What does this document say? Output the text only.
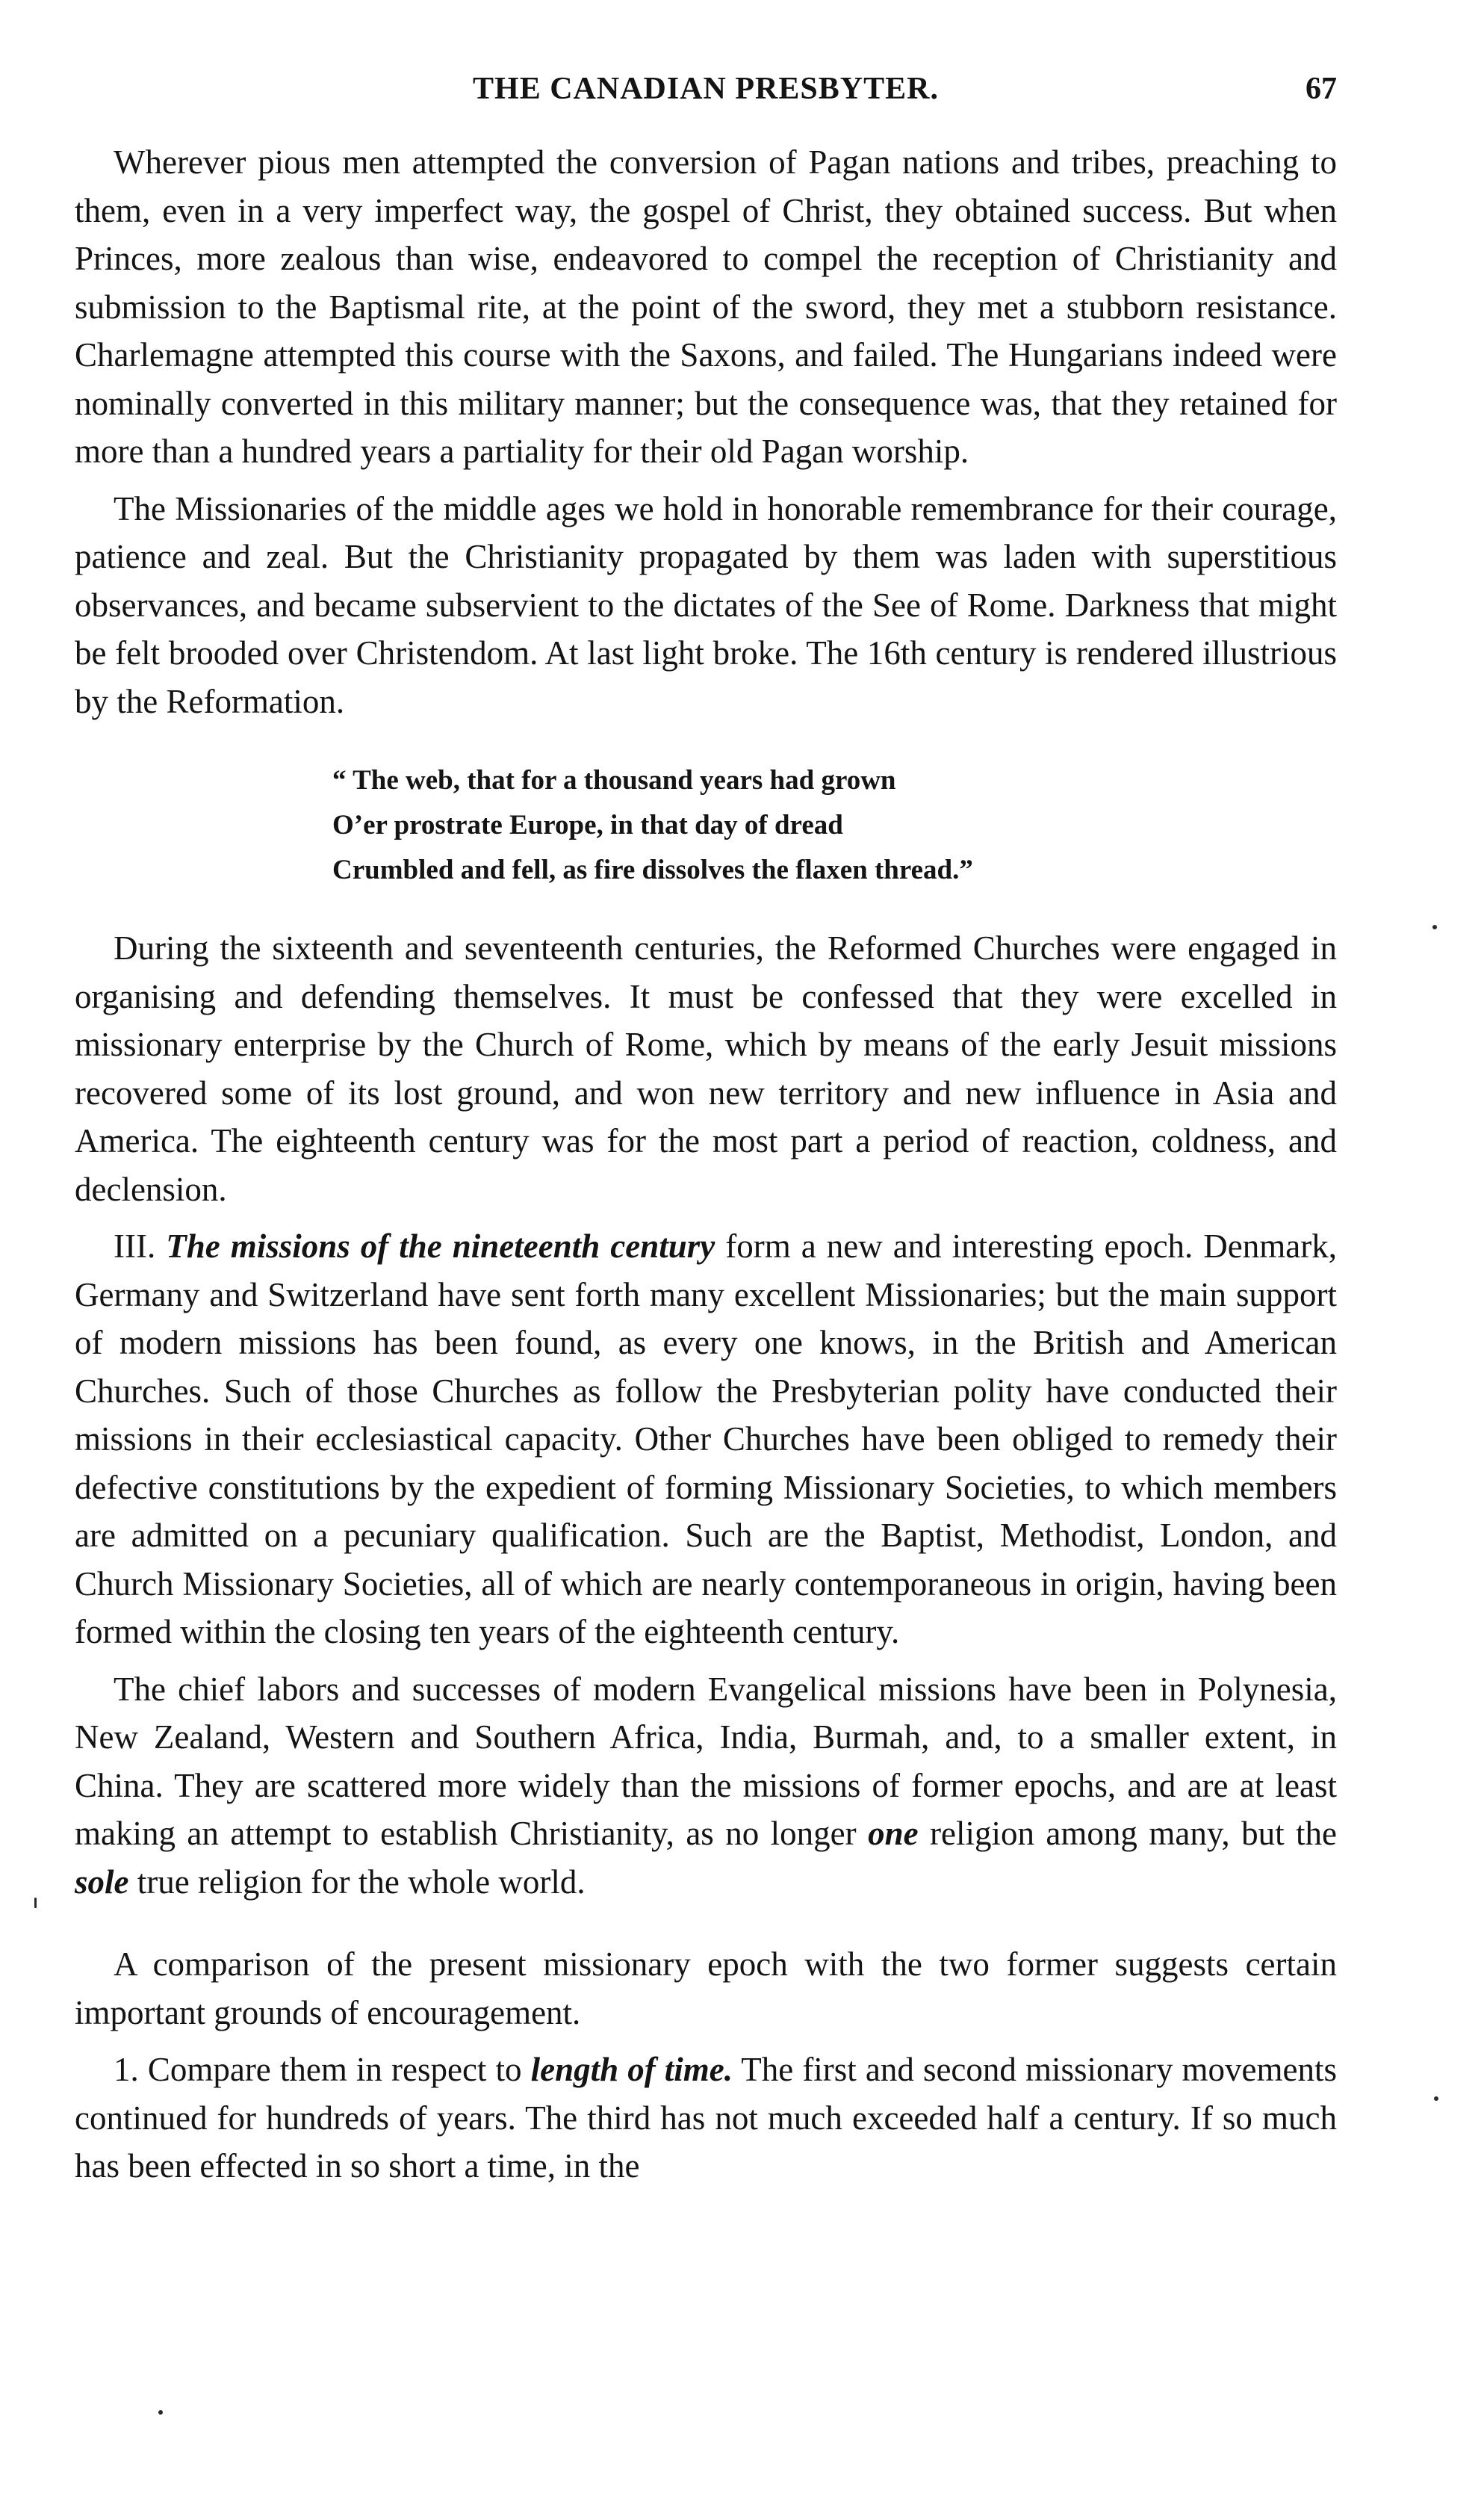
THE CANADIAN PRESBYTER.	67

Wherever pious men attempted the conversion of Pagan nations and tribes, preaching to them, even in a very imperfect way, the gospel of Christ, they obtained success. But when Princes, more zealous than wise, endeavored to compel the reception of Christianity and submission to the Baptismal rite, at the point of the sword, they met a stubborn resistance. Charlemagne attempted this course with the Saxons, and failed. The Hungarians indeed were nominally converted in this military manner; but the consequence was, that they retained for more than a hundred years a partiality for their old Pagan worship.

The Missionaries of the middle ages we hold in honorable remembrance for their courage, patience and zeal. But the Christianity propagated by them was laden with superstitious observances, and became subservient to the dictates of the See of Rome. Darkness that might be felt brooded over Christendom. At last light broke. The 16th century is rendered illustrious by the Reformation.

“ The web, that for a thousand years had grown
O’er prostrate Europe, in that day of dread
Crumbled and fell, as fire dissolves the flaxen thread.”

During the sixteenth and seventeenth centuries, the Reformed Churches were engaged in organising and defending themselves. It must be confessed that they were excelled in missionary enterprise by the Church of Rome, which by means of the early Jesuit missions recovered some of its lost ground, and won new territory and new influence in Asia and America. The eighteenth century was for the most part a period of reaction, coldness, and declension.

III. The missions of the nineteenth century form a new and interesting epoch. Denmark, Germany and Switzerland have sent forth many excellent Missionaries; but the main support of modern missions has been found, as every one knows, in the British and American Churches. Such of those Churches as follow the Presbyterian polity have conducted their missions in their ecclesiastical capacity. Other Churches have been obliged to remedy their defective constitutions by the expedient of forming Missionary Societies, to which members are admitted on a pecuniary qualification. Such are the Baptist, Methodist, London, and Church Missionary Societies, all of which are nearly contemporaneous in origin, having been formed within the closing ten years of the eighteenth century.

The chief labors and successes of modern Evangelical missions have been in Polynesia, New Zealand, Western and Southern Africa, India, Burmah, and, to a smaller extent, in China. They are scattered more widely than the missions of former epochs, and are at least making an attempt to establish Christianity, as no longer one religion among many, but the sole true religion for the whole world.

A comparison of the present missionary epoch with the two former suggests certain important grounds of encouragement.

1. Compare them in respect to length of time. The first and second missionary movements continued for hundreds of years. The third has not much exceeded half a century. If so much has been effected in so short a time, in the
